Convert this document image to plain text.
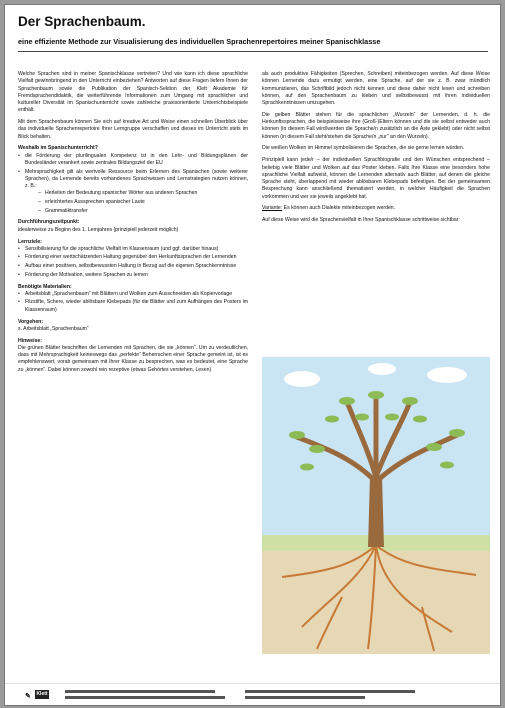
Der Sprachenbaum.
eine effiziente Methode zur Visualisierung des individuellen Sprachenrepertoires meiner Spanischklasse

Welche Sprachen sind in meiner Spanischklasse vertreten? Und wie kann ich diese sprachliche Vielfalt gewinnbringend in den Unterricht einbeziehen? Antworten auf diese Fragen liefern Ihnen der Sprachenbaum sowie die Publikation der Spanisch-Sektion der Klett Akademie für Fremdsprachendidaktik, die weiterführende Informationen zum Umgang mit sprachlicher und kultureller Diversität im Spanischunterricht sowie zahlreiche praxisorientierte Unterrichtsbeispiele enthält.

Mit dem Sprachenbaum können Sie sich auf kreative Art und Weise einen schnellen Überblick über das individuelle Sprachenrepertoire Ihrer Lerngruppe verschaffen und dieses im Unterricht stets im Blick behalten.

Weshalb im Spanischunterricht?
• die Förderung der plurilingualen Kompetenz ist in den Lehr- und Bildungsplänen der Bundesländer verankert sowie zentrales Bildungsziel der EU
• Mehrsprachigkeit gilt als wertvolle Ressource beim Erlernen des Spanischen (sowie weiterer Sprachen), da Lernende bereits vorhandenes Sprachwissen und Lernstrategien nutzen können, z. B.:
– Herleiten der Bedeutung spanischer Wörter aus anderen Sprachen
– erleichtertes Aussprechen spanischer Laute
– Grammatiktransfer
Durchführungszeitpunkt:

idealerweise zu Beginn des 1. Lernjahres (prinzipiell jederzeit möglich)

Lernziele:
• Sensibilisierung für die sprachliche Vielfalt im Klassenraum (und ggf. darüber hinaus)
• Förderung einer wertschätzenden Haltung gegenüber den Herkunftssprachen der Lernenden
• Aufbau einer positiven, selbstbewussten Haltung in Bezug auf die eigenen Sprachkenntnisse
• Förderung der Motivation, weitere Sprachen zu lernen
Benötigte Materialien:
• Arbeitsblatt „Sprachenbaum“ mit Blättern und Wolken zum Ausschneiden als Kopiervorlage
• Filzstifte, Schere, wieder ablösbare Klebepads (für die Blätter und zum Aufhängen des Posters im Klassenraum)
Vorgehen:

s. Arbeitsblatt „Sprachenbaum“

Hinweise:

Die grünen Blätter beschriften die Lernenden mit Sprachen, die sie „können“. Um zu verdeutlichen, dass mit Mehrsprachigkeit keineswegs das „perfekte“ Beherrschen einer Sprache gemeint ist, ist es empfehlenswert, vorab gemeinsam mit Ihrer Klasse zu besprechen, was es bedeutet, eine Sprache zu „können“. Dabei können sowohl rein rezeptive (etwas Gehörtes verstehen, Lesen)

als auch produktive Fähigkeiten (Sprechen, Schreiben) miteinbezogen werden. Auf diese Weise können Lernende dazu ermutigt werden, eine Sprache, auf der sie z. B. zwar mündlich kommunizieren, das Schriftbild jedoch nicht kennen und diese daher nicht lesen und schreiben können, auf den Sprachenbaum zu kleben und selbstbewusst mit ihren individuellen Sprachkenntnissen umzugehen.

Die gelben Blätter stehen für die sprachlichen „Wurzeln“ der Lernenden, d. h. die Herkunftssprachen, die beispielsweise ihre (Groß-)Eltern können und die sie selbst entweder auch können (in diesem Fall wird/werden die Sprache/n zusätzlich an die Äste geklebt) oder nicht selbst können (in diesem Fall steht/stehen die Sprache/n „nur“ an den Wurzeln).

Die weißen Wolken im Himmel symbolisieren die Sprachen, die sie gerne lernen würden.

Prinzipiell kann jede/r – der individuellen Sprachbiografie und den Wünschen entsprechend – beliebig viele Blätter und Wolken auf das Poster kleben. Falls Ihre Klasse eine besonders hohe sprachliche Vielfalt aufweist, können die Lernenden alternativ auch Blätter, auf denen die gleiche Sprache steht, überlappend mit wieder ablösbaren Klebepads befestigen. Bei der gemeinsamen Besprechung kann anschließend thematisiert werden, in welcher Häufigkeit die Sprachen vorkommen und wer sie jeweils angeklebt hat.

Variante: Es können auch Dialekte miteinbezogen werden.

Auf diese Weise wird die Sprachenvielfalt in Ihrer Spanischklasse schrittweise sichtbar:

✎ Klett
